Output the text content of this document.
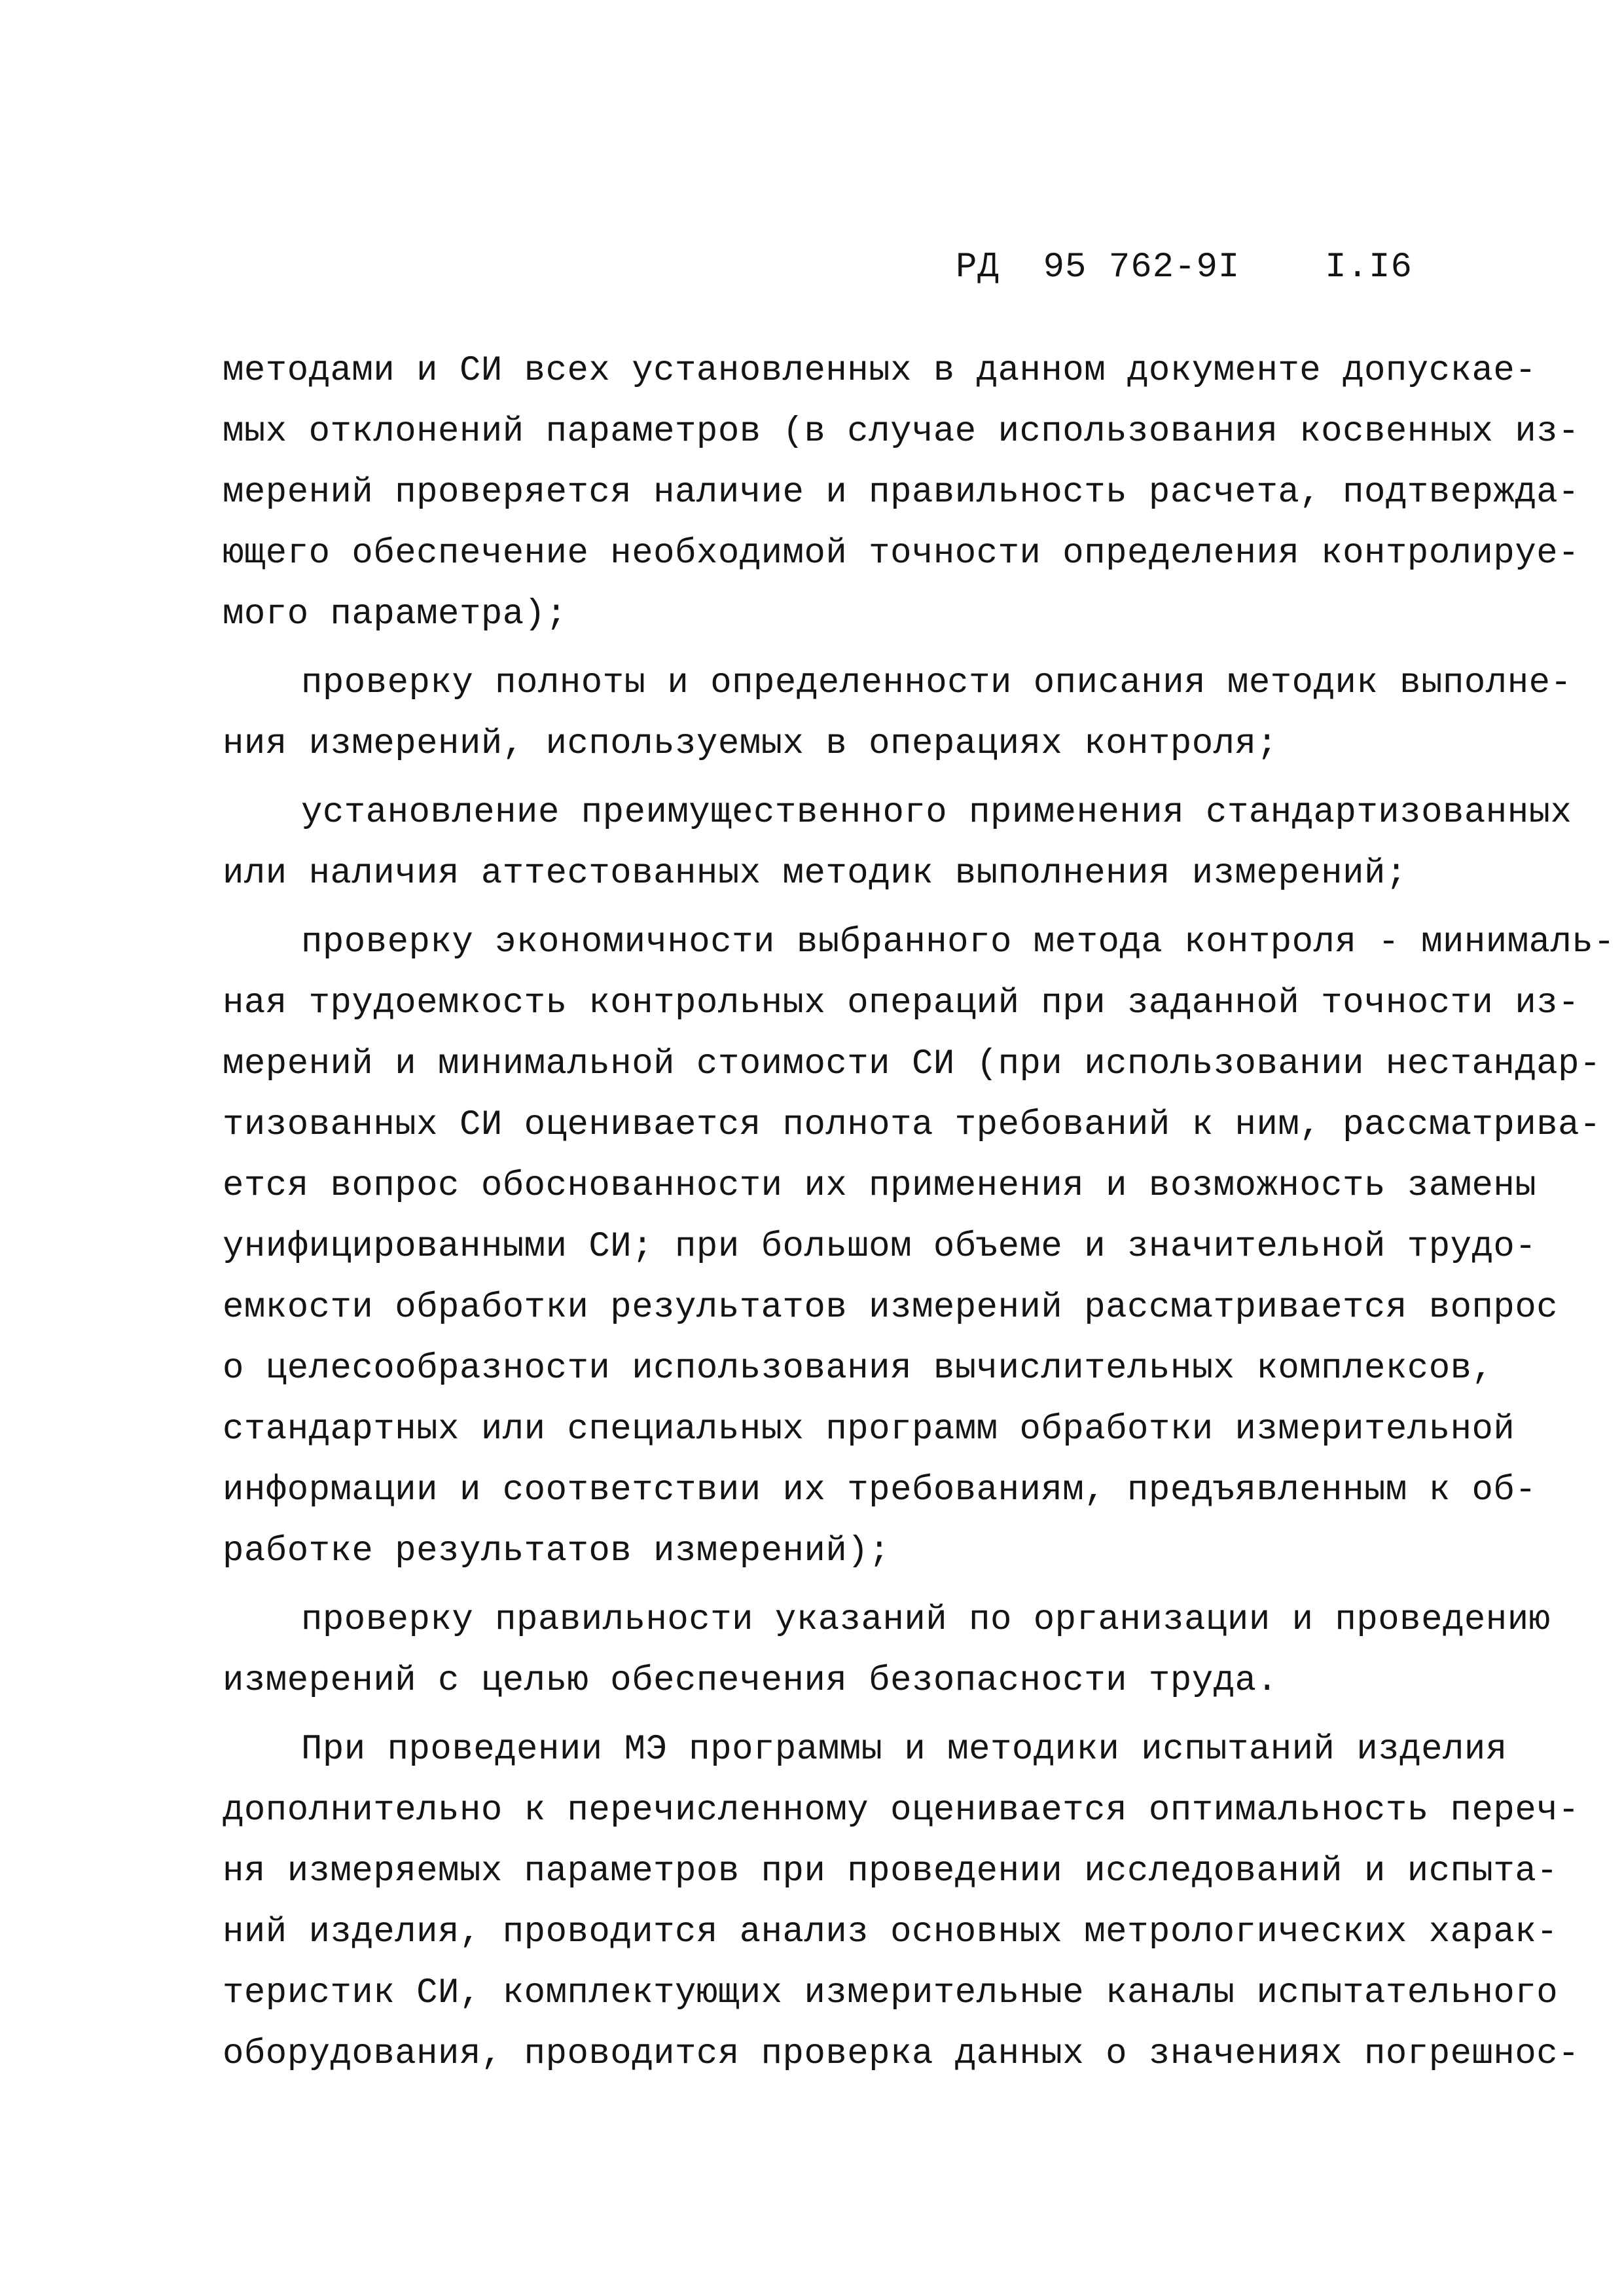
РД  95 762-9I I.I6
методами и СИ всех установленных в данном документе допускае-
мых отклонений параметров (в случае использования косвенных из-
мерений проверяется наличие и правильность расчета, подтвержда-
ющего обеспечение необходимой точности определения контролируе-
мого параметра);
проверку полноты и определенности описания методик выполне-
ния измерений, используемых в операциях контроля;
установление преимущественного применения стандартизованных
или наличия аттестованных методик выполнения измерений;
проверку экономичности выбранного метода контроля - минималь-
ная трудоемкость контрольных операций при заданной точности из-
мерений и минимальной стоимости СИ (при использовании нестандар-
тизованных СИ оценивается полнота требований к ним, рассматрива-
ется вопрос обоснованности их применения и возможность замены
унифицированными СИ; при большом объеме и значительной трудо-
емкости обработки результатов измерений рассматривается вопрос
о целесообразности использования вычислительных комплексов,
стандартных или специальных программ обработки измерительной
информации и соответствии их требованиям, предъявленным к об-
работке результатов измерений);
проверку правильности указаний по организации и проведению
измерений с целью обеспечения безопасности труда.
При проведении МЭ программы и методики испытаний изделия
дополнительно к перечисленному оценивается оптимальность переч-
ня измеряемых параметров при проведении исследований и испыта-
ний изделия, проводится анализ основных метрологических харак-
теристик СИ, комплектующих измерительные каналы испытательного
оборудования, проводится проверка данных о значениях погрешнос-
